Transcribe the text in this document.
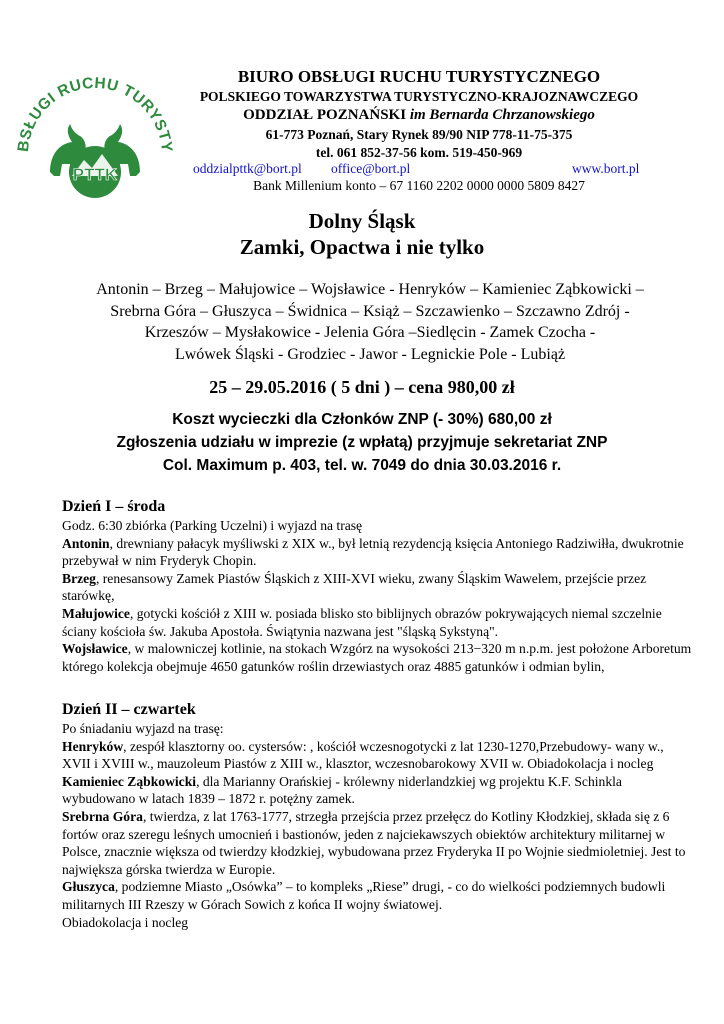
BSŁUGI RUCHU TURYSTY
PTTK
BIURO OBSŁUGI RUCHU TURYSTYCZNEGO
POLSKIEGO TOWARZYSTWA TURYSTYCZNO-KRAJOZNAWCZEGO
ODDZIAŁ POZNAŃSKI im Bernarda Chrzanowskiego
61-773 Poznań, Stary Rynek 89/90 NIP 778-11-75-375
tel. 061 852-37-56 kom. 519-450-969
oddzialpttk@bort.pl office@bort.pl	www.bort.pl
Bank Millenium konto – 67 1160 2202 0000 0000 5809 8427
Dolny Śląsk
Zamki, Opactwa i nie tylko
Antonin – Brzeg – Małujowice – Wojsławice - Henryków – Kamieniec Ząbkowicki –
Srebrna Góra – Głuszyca – Świdnica – Książ – Szczawienko – Szczawno Zdrój -
Krzeszów – Mysłakowice - Jelenia Góra –Siedlęcin - Zamek Czocha -
Lwówek Śląski - Grodziec - Jawor - Legnickie Pole - Lubiąż
25 – 29.05.2016 ( 5 dni ) – cena 980,00 zł
Koszt wycieczki dla Członków ZNP (- 30%) 680,00 zł
Zgłoszenia udziału w imprezie (z wpłatą) przyjmuje sekretariat ZNP
Col. Maximum p. 403, tel. w. 7049 do dnia 30.03.2016 r.
Dzień I – środa

Godz. 6:30 zbiórka (Parking Uczelni) i wyjazd na trasę

Antonin, drewniany pałacyk myśliwski z XIX w., był letnią rezydencją księcia Antoniego Radziwiłła, dwukrotnie przebywał w nim Fryderyk Chopin.

Brzeg, renesansowy Zamek Piastów Śląskich z XIII-XVI wieku, zwany Śląskim Wawelem, przejście przez starówkę,

Małujowice, gotycki kościół z XIII w. posiada blisko sto biblijnych obrazów pokrywających niemal szczelnie ściany kościoła św. Jakuba Apostoła. Świątynia nazwana jest "śląską Sykstyną".

Wojsławice, w malowniczej kotlinie, na stokach Wzgórz na wysokości 213−320 m n.p.m. jest położone Arboretum którego kolekcja obejmuje 4650 gatunków roślin drzewiastych oraz 4885 gatunków i odmian bylin,

Dzień II – czwartek

Po śniadaniu wyjazd na trasę:

Henryków, zespół klasztorny oo. cystersów: , kościół wczesnogotycki z lat 1230-1270,Przebudowy- wany w., XVII i XVIII w., mauzoleum Piastów z XIII w., klasztor, wczesnobarokowy XVII w. Obiadokolacja i nocleg

Kamieniec Ząbkowicki, dla Marianny Orańskiej - królewny niderlandzkiej wg projektu K.F. Schinkla wybudowano w latach 1839 – 1872 r. potężny zamek.

Srebrna Góra, twierdza, z lat 1763-1777, strzegła przejścia przez przełęcz do Kotliny Kłodzkiej, składa się z 6 fortów oraz szeregu leśnych umocnień i bastionów, jeden z najciekawszych obiektów architektury militarnej w Polsce, znacznie większa od twierdzy kłodzkiej, wybudowana przez Fryderyka II po Wojnie siedmioletniej. Jest to największa górska twierdza w Europie.

Głuszyca, podziemne Miasto „Osówka” – to kompleks „Riese” drugi, - co do wielkości podziemnych budowli militarnych III Rzeszy w Górach Sowich z końca II wojny światowej.

Obiadokolacja i nocleg
